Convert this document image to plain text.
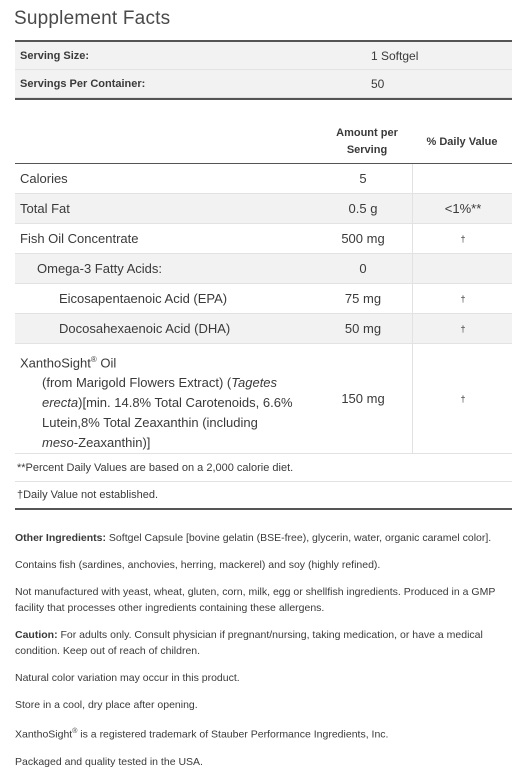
Supplement Facts
Serving Size:	1 Softgel
Servings Per Container:	50
Amount per
Serving
% Daily Value
Calories	5
Total Fat	0.5 g	<1%**
Fish Oil Concentrate	500 mg	†
Omega-3 Fatty Acids:	0
Eicosapentaenoic Acid (EPA)	75 mg	†
Docosahexaenoic Acid (DHA)	50 mg	†
XanthoSight® Oil
(from Marigold Flowers Extract) (Tagetes
erecta)[min. 14.8% Total Carotenoids, 6.6%
Lutein,8% Total Zeaxanthin (including
meso-Zeaxanthin)]
150 mg	†
**Percent Daily Values are based on a 2,000 calorie diet.
†Daily Value not established.

Other Ingredients: Softgel Capsule [bovine gelatin (BSE-free), glycerin, water, organic caramel color].

Contains fish (sardines, anchovies, herring, mackerel) and soy (highly refined).

Not manufactured with yeast, wheat, gluten, corn, milk, egg or shellfish ingredients. Produced in a GMP facility that processes other ingredients containing these allergens.

Caution: For adults only. Consult physician if pregnant/nursing, taking medication, or have a medical condition. Keep out of reach of children.

Natural color variation may occur in this product.

Store in a cool, dry place after opening.

XanthoSight® is a registered trademark of Stauber Performance Ingredients, Inc.

Packaged and quality tested in the USA.
